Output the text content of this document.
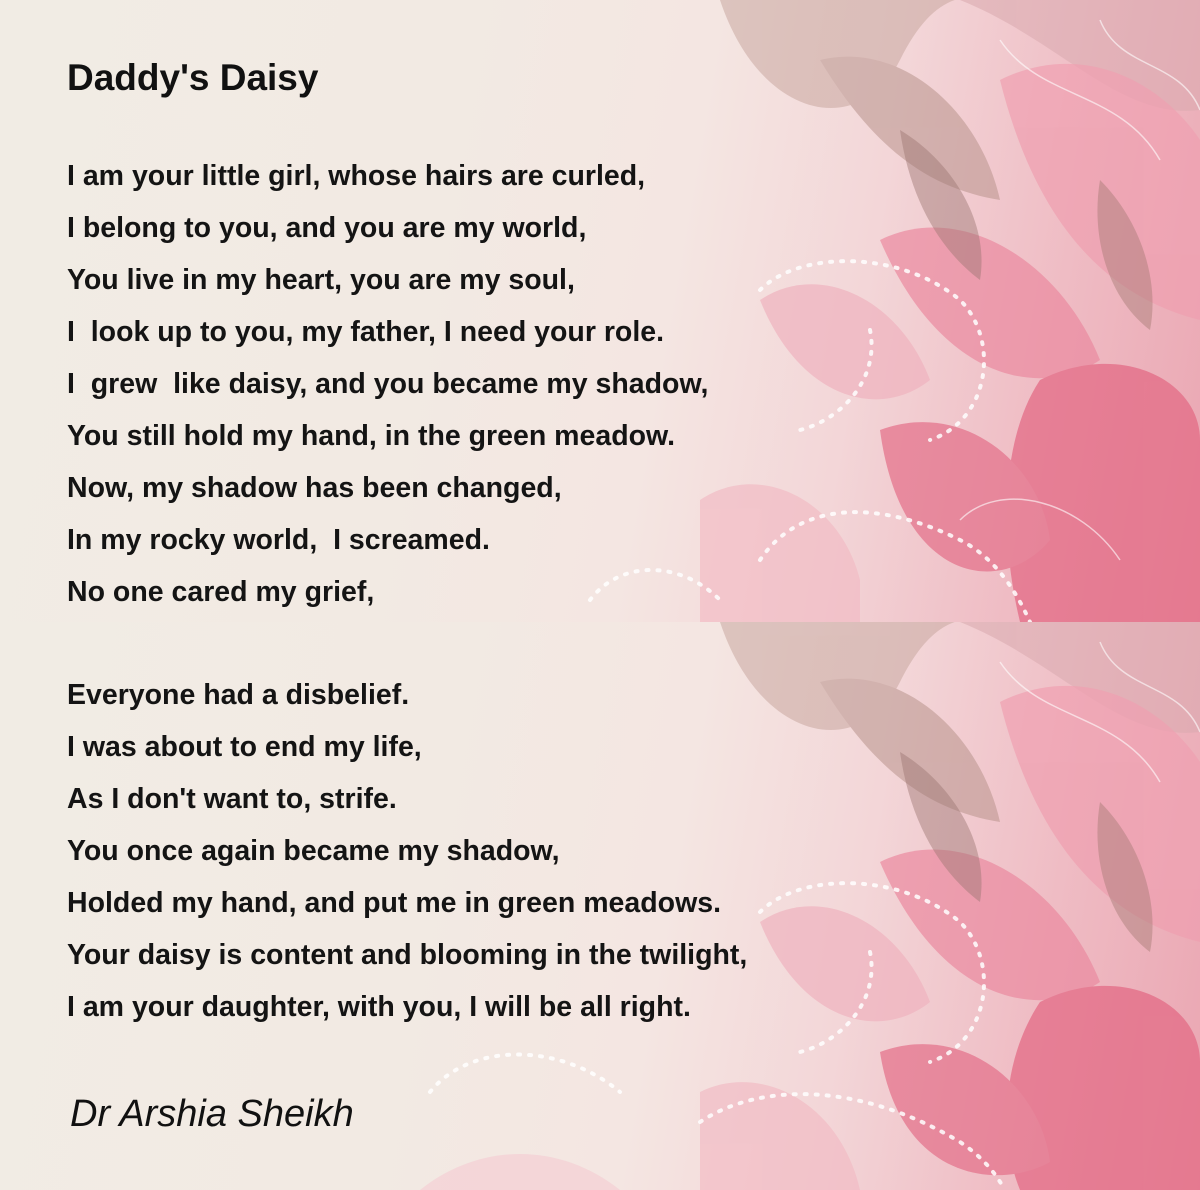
Daddy's Daisy
I am your little girl, whose hairs are curled,
I belong to you, and you are my world,
You live in my heart, you are my soul,
I  look up to you, my father, I need your role.
I  grew  like daisy, and you became my shadow,
You still hold my hand, in the green meadow.
Now, my shadow has been changed,
In my rocky world,  I screamed.
No one cared my grief,
Everyone had a disbelief.
I was about to end my life,
As I don't want to, strife.
You once again became my shadow,
Holded my hand, and put me in green meadows.
Your daisy is content and blooming in the twilight,
I am your daughter, with you, I will be all right.

Dr Arshia Sheikh
